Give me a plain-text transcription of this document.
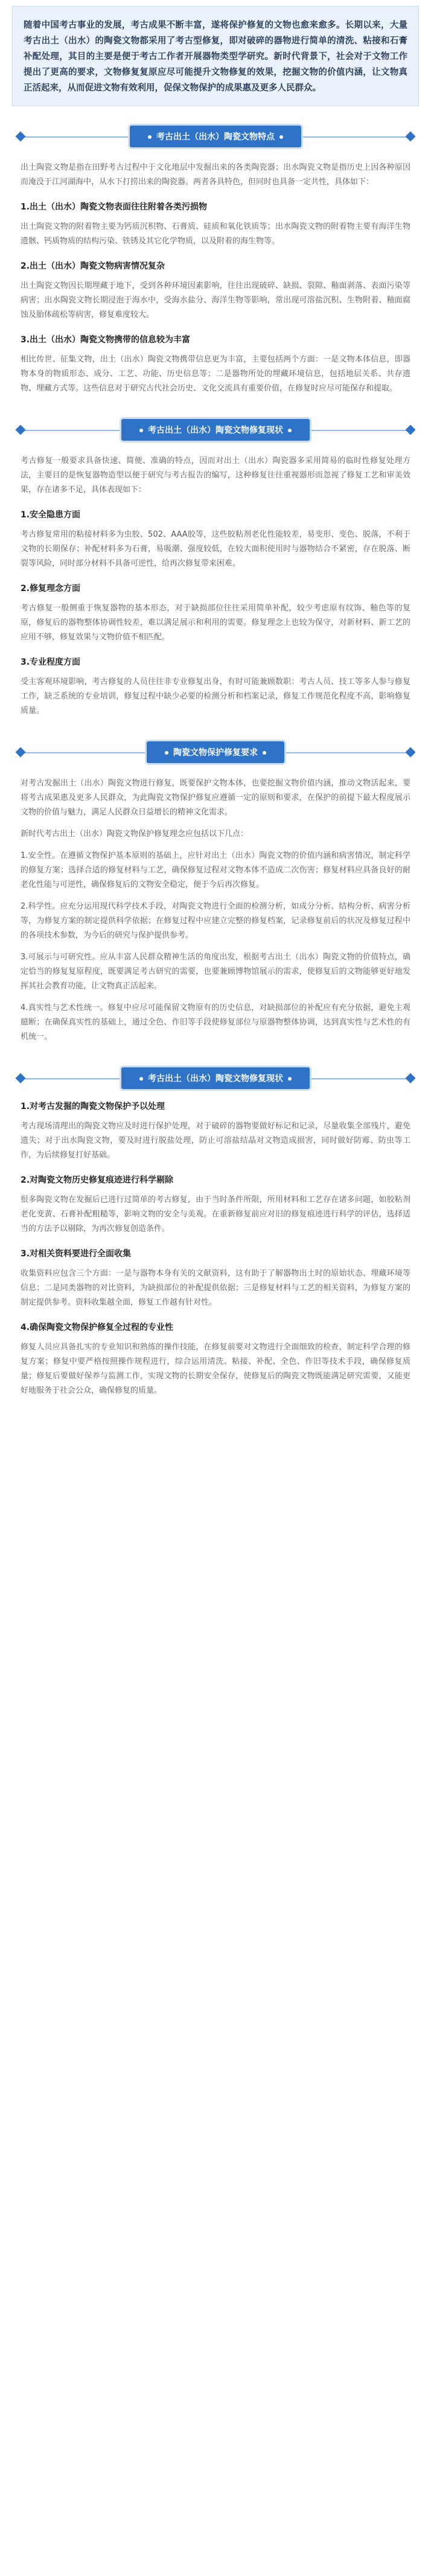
随着中国考古事业的发展，考古成果不断丰富，遂将保护修复的文物也愈来愈多。长期以来，大量考古出土（出水）的陶瓷文物都采用了考古型修复，即对破碎的器物进行简单的清洗、粘接和石膏补配处理，其目的主要是便于考古工作者开展器物类型学研究。新时代背景下，社会对于文物工作提出了更高的要求，文物修复复原应尽可能提升文物修复的效果，挖掘文物的价值内涵，让文物真正活起来，从而促进文物有效利用，促保文物保护的成果惠及更多人民群众。
考古出土（出水）陶瓷文物特点
出土陶瓷文物是指在田野考古过程中于文化地层中发掘出来的各类陶瓷器；出水陶瓷文物是指历史上因各种原因而淹没于江河湖海中，从水下打捞出来的陶瓷器。两者各具特色，但同时也具备一定共性，具体如下：
1.出土（出水）陶瓷文物表面往往附着各类污损物
出土陶瓷文物的附着物主要为钙质沉积物、石膏质、硅质和氧化铁质等；出水陶瓷文物的附着物主要有海洋生物遗骸、钙质物质的结构污染、铁锈及其它化学物质，以及附着的海生物等。
2.出土（出水）陶瓷文物病害情况复杂
出土陶瓷文物因长期埋藏于地下，受到各种环境因素影响，往往出现破碎、缺损、裂隙、釉面剥落、表面污染等病害；出水陶瓷文物长期浸泡于海水中，受海水盐分、海洋生物等影响，常出现可溶盐沉积、生物附着、釉面腐蚀及胎体疏松等病害，修复难度较大。
3.出土（出水）陶瓷文物携带的信息较为丰富
相比传世、征集文物，出土（出水）陶瓷文物携带信息更为丰富，主要包括两个方面：一是文物本体信息，即器物本身的物质形态、成分、工艺、功能、历史信息等；二是器物所处的埋藏环境信息，包括地层关系、共存遗物、埋藏方式等。这些信息对于研究古代社会历史、文化交流具有重要价值，在修复时应尽可能保存和提取。
考古出土（出水）陶瓷文物修复现状
考古修复一般要求具备快速、简便、准确的特点，因而对出土（出水）陶瓷器多采用简易的临时性修复处理方法，主要目的是恢复器物造型以便于研究与考古报告的编写，这种修复往往重视器形而忽视了修复工艺和审美效果，存在诸多不足，具体表现如下：
1.安全隐患方面
考古修复常用的粘接材料多为虫胶、502、AAA胶等，这些胶粘剂老化性能较差，易变形、变色、脱落，不利于文物的长期保存；补配材料多为石膏，易吸潮、强度较低，在较大面积使用时与器物结合不紧密，存在脱落、断裂等风险，同时部分材料不具备可逆性，给再次修复带来困难。
2.修复理念方面
考古修复一般侧重于恢复器物的基本形态，对于缺损部位往往采用简单补配，较少考虑原有纹饰、釉色等的复原，修复后的器物整体协调性较差，难以满足展示和利用的需要。修复理念上也较为保守，对新材料、新工艺的应用不够，修复效果与文物价值不相匹配。
3.专业程度方面
受主客观环境影响，考古修复的人员往往非专业修复出身，有时可能兼顾数职：考古人员、技工等多人参与修复工作，缺乏系统的专业培训，修复过程中缺少必要的检测分析和档案记录，修复工作规范化程度不高，影响修复质量。
陶瓷文物保护修复要求
对考古发掘出土（出水）陶瓷文物进行修复，既要保护文物本体，也要挖掘文物价值内涵，推动文物活起来，要将考古成果惠及更多人民群众，为此陶瓷文物保护修复应遵循一定的原则和要求，在保护的前提下最大程度展示文物的价值与魅力，满足人民群众日益增长的精神文化需求。
新时代考古出土（出水）陶瓷文物保护修复理念应包括以下几点：
1.安全性。在遵循文物保护基本原则的基础上，应针对出土（出水）陶瓷文物的价值内涵和病害情况，制定科学的修复方案；选择合适的修复材料与工艺，确保修复过程对文物本体不造成二次伤害；修复材料应具备良好的耐老化性能与可逆性，确保修复后的文物安全稳定，便于今后再次修复。
2.科学性。应充分运用现代科学技术手段，对陶瓷文物进行全面的检测分析，如成分分析、结构分析、病害分析等，为修复方案的制定提供科学依据；在修复过程中应建立完整的修复档案，记录修复前后的状况及修复过程中的各项技术参数，为今后的研究与保护提供参考。
3.可展示与可研究性。应从丰富人民群众精神生活的角度出发，根据考古出土（出水）陶瓷文物的价值特点，确定恰当的修复复原程度，既要满足考古研究的需要，也要兼顾博物馆展示的需求，使修复后的文物能够更好地发挥其社会教育功能，让文物真正活起来。
4.真实性与艺术性统一。修复中应尽可能保留文物原有的历史信息，对缺损部位的补配应有充分依据，避免主观臆断；在确保真实性的基础上，通过全色、作旧等手段使修复部位与原器物整体协调，达到真实性与艺术性的有机统一。
考古出土（出水）陶瓷文物修复现状
1.对考古发掘的陶瓷文物保护予以处理
考古现场清理出的陶瓷文物应及时进行保护处理，对于破碎的器物要做好标记和记录，尽量收集全部残片，避免遗失；对于出水陶瓷文物，要及时进行脱盐处理，防止可溶盐结晶对文物造成损害，同时做好防霉、防虫等工作，为后续修复打好基础。
2.对陶瓷文物历史修复痕迹进行科学剔除
很多陶瓷文物在发掘后已进行过简单的考古修复，由于当时条件所限，所用材料和工艺存在诸多问题，如胶粘剂老化变黄、石膏补配粗糙等，影响文物的安全与美观。在重新修复前应对旧的修复痕迹进行科学的评估，选择适当的方法予以剔除，为再次修复创造条件。
3.对相关资料要进行全面收集
收集资料应包含三个方面：一是与器物本身有关的文献资料，这有助于了解器物出土时的原始状态、埋藏环境等信息；二是同类器物的对比资料，为缺损部位的补配提供依据；三是修复材料与工艺的相关资料，为修复方案的制定提供参考。资料收集越全面，修复工作越有针对性。
4.确保陶瓷文物保护修复全过程的专业性
修复人员应具备扎实的专业知识和熟练的操作技能，在修复前要对文物进行全面细致的检查，制定科学合理的修复方案；修复中要严格按照操作规程进行，综合运用清洗、粘接、补配、全色、作旧等技术手段，确保修复质量；修复后要做好保养与监测工作，实现文物的长期安全保存，使修复后的陶瓷文物既能满足研究需要，又能更好地服务于社会公众，确保修复的质量。
